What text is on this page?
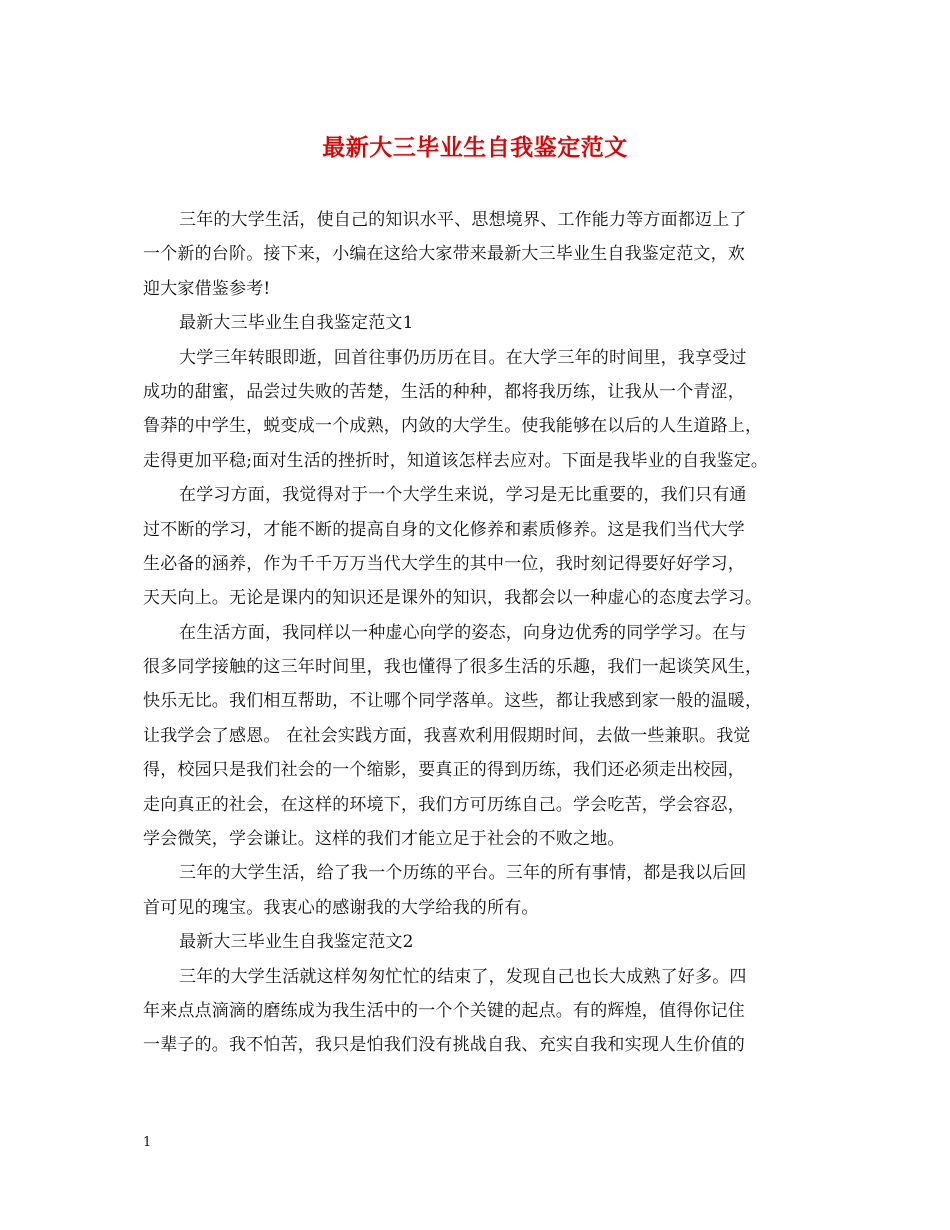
最新大三毕业生自我鉴定范文
三年的大学生活，使自己的知识水平、思想境界、工作能力等方面都迈上了
一个新的台阶。接下来，小编在这给大家带来最新大三毕业生自我鉴定范文，欢
迎大家借鉴参考!
最新大三毕业生自我鉴定范文1
大学三年转眼即逝，回首往事仍历历在目。在大学三年的时间里，我享受过
成功的甜蜜，品尝过失败的苦楚，生活的种种，都将我历练，让我从一个青涩，
鲁莽的中学生，蜕变成一个成熟，内敛的大学生。使我能够在以后的人生道路上，
走得更加平稳;面对生活的挫折时，知道该怎样去应对。下面是我毕业的自我鉴定。
在学习方面，我觉得对于一个大学生来说，学习是无比重要的，我们只有通
过不断的学习，才能不断的提高自身的文化修养和素质修养。这是我们当代大学
生必备的涵养，作为千千万万当代大学生的其中一位，我时刻记得要好好学习，
天天向上。无论是课内的知识还是课外的知识，我都会以一种虚心的态度去学习。
在生活方面，我同样以一种虚心向学的姿态，向身边优秀的同学学习。在与
很多同学接触的这三年时间里，我也懂得了很多生活的乐趣，我们一起谈笑风生，
快乐无比。我们相互帮助，不让哪个同学落单。这些，都让我感到家一般的温暖，
让我学会了感恩。 在社会实践方面，我喜欢利用假期时间，去做一些兼职。我觉
得，校园只是我们社会的一个缩影，要真正的得到历练，我们还必须走出校园，
走向真正的社会，在这样的环境下，我们方可历练自己。学会吃苦，学会容忍，
学会微笑，学会谦让。这样的我们才能立足于社会的不败之地。
三年的大学生活，给了我一个历练的平台。三年的所有事情，都是我以后回
首可见的瑰宝。我衷心的感谢我的大学给我的所有。
最新大三毕业生自我鉴定范文2
三年的大学生活就这样匆匆忙忙的结束了，发现自己也长大成熟了好多。四
年来点点滴滴的磨练成为我生活中的一个个关键的起点。有的辉煌，值得你记住
一辈子的。我不怕苦，我只是怕我们没有挑战自我、充实自我和实现人生价值的
1
